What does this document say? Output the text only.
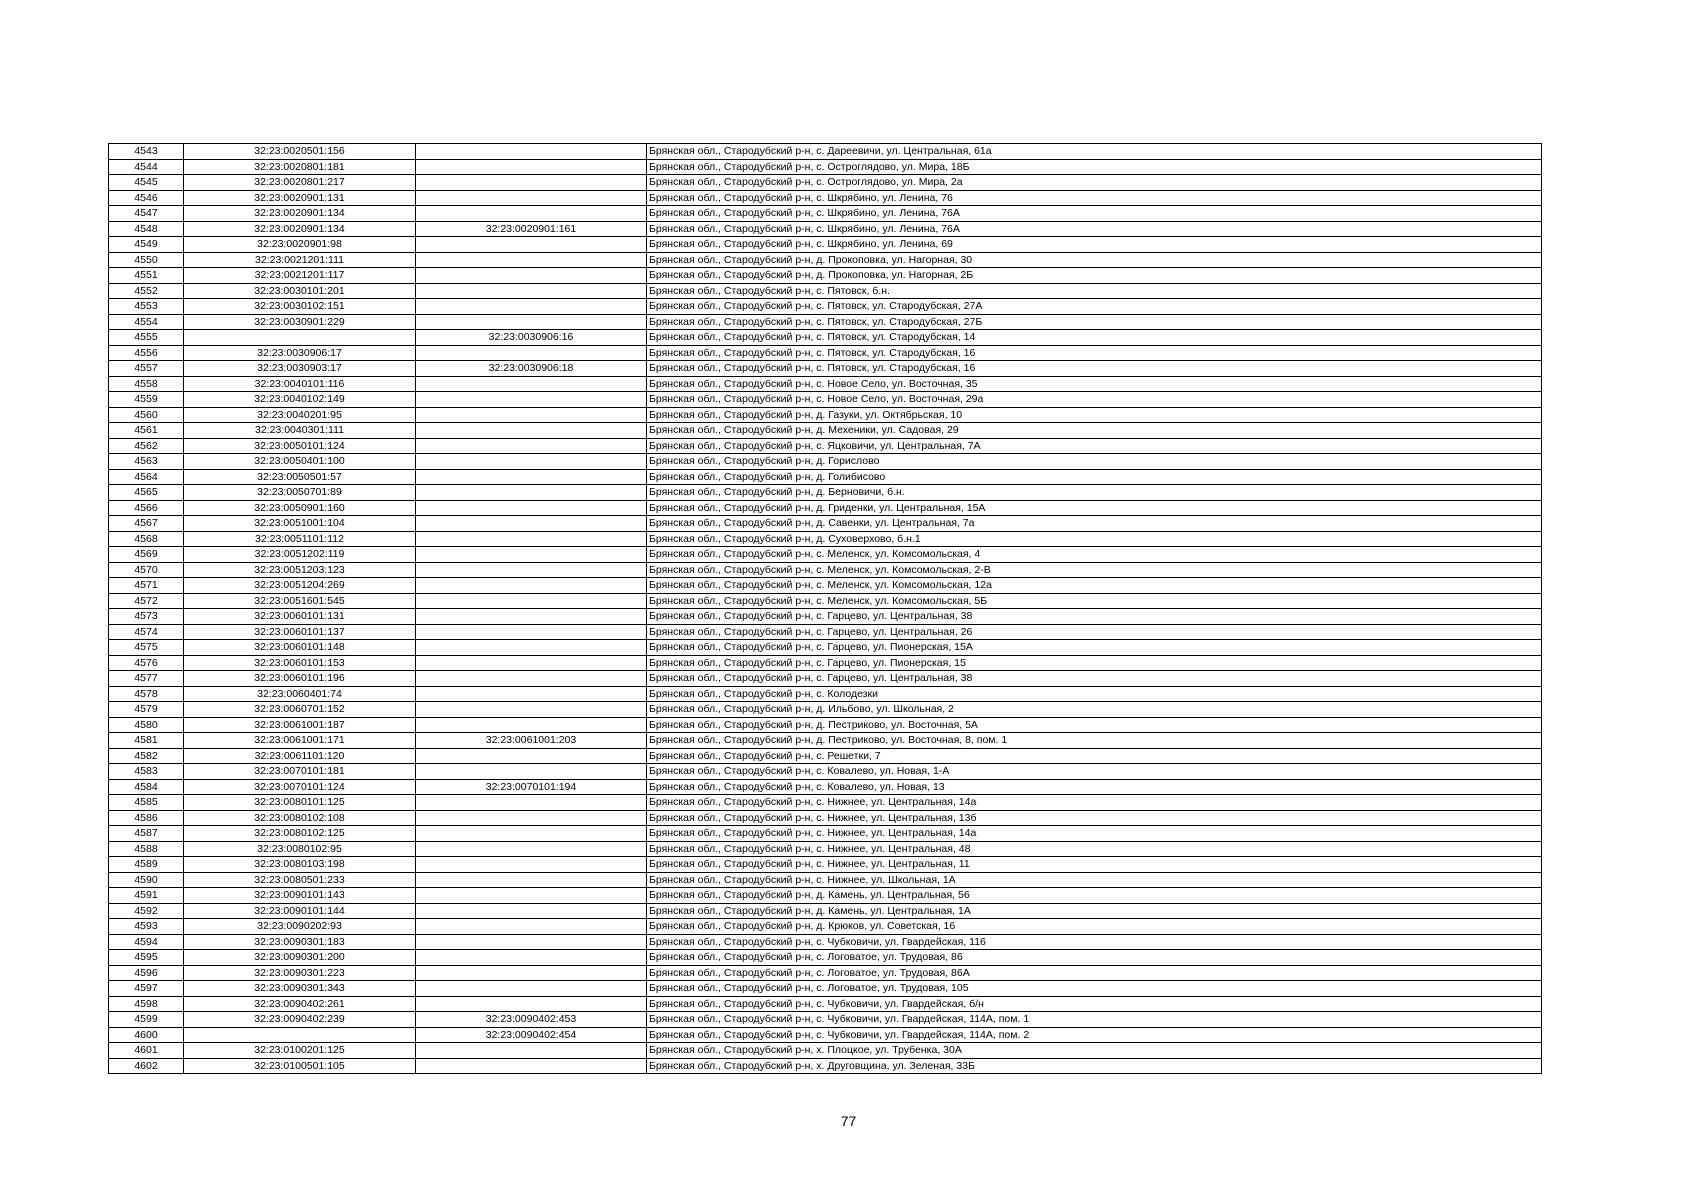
4543	32:23:0020501:156		Брянская обл., Стародубский р-н, с. Дареевичи, ул. Центральная, 61а
4544	32:23:0020801:181		Брянская обл., Стародубский р-н, с. Остроглядово, ул. Мира, 18Б
4545	32:23:0020801:217		Брянская обл., Стародубский р-н, с. Остроглядово, ул. Мира, 2а
4546	32:23:0020901:131		Брянская обл., Стародубский р-н, с. Шкрябино, ул. Ленина, 76
4547	32:23:0020901:134		Брянская обл., Стародубский р-н, с. Шкрябино, ул. Ленина, 76А
4548	32:23:0020901:134	32:23:0020901:161	Брянская обл., Стародубский р-н, с. Шкрябино, ул. Ленина, 76А
4549	32:23:0020901:98		Брянская обл., Стародубский р-н, с. Шкрябино, ул. Ленина, 69
4550	32:23:0021201:111		Брянская обл., Стародубский р-н, д. Прокоповка, ул. Нагорная, 30
4551	32:23:0021201:117		Брянская обл., Стародубский р-н, д. Прокоповка, ул. Нагорная, 2Б
4552	32:23:0030101:201		Брянская обл., Стародубский р-н, с. Пятовск, б.н.
4553	32:23:0030102:151		Брянская обл., Стародубский р-н, с. Пятовск, ул. Стародубская, 27А
4554	32:23:0030901:229		Брянская обл., Стародубский р-н, с. Пятовск, ул. Стародубская, 27Б
4555		32:23:0030906:16	Брянская обл., Стародубский р-н, с. Пятовск, ул. Стародубская, 14
4556	32:23:0030906:17		Брянская обл., Стародубский р-н, с. Пятовск, ул. Стародубская, 16
4557	32:23:0030903:17	32:23:0030906:18	Брянская обл., Стародубский р-н, с. Пятовск, ул. Стародубская, 16
4558	32:23:0040101:116		Брянская обл., Стародубский р-н, с. Новое Село, ул. Восточная, 35
4559	32:23:0040102:149		Брянская обл., Стародубский р-н, с. Новое Село, ул. Восточная, 29а
4560	32:23:0040201:95		Брянская обл., Стародубский р-н, д. Газуки, ул. Октябрьская, 10
4561	32:23:0040301:111		Брянская обл., Стародубский р-н, д. Мехеники, ул. Садовая, 29
4562	32:23:0050101:124		Брянская обл., Стародубский р-н, с. Яцковичи, ул. Центральная, 7А
4563	32:23:0050401:100		Брянская обл., Стародубский р-н, д. Горислово
4564	32:23:0050501:57		Брянская обл., Стародубский р-н, д. Голибисово
4565	32:23:0050701:89		Брянская обл., Стародубский р-н, д. Берновичи, б.н.
4566	32:23:0050901:160		Брянская обл., Стародубский р-н, д. Гриденки, ул. Центральная, 15А
4567	32:23:0051001:104		Брянская обл., Стародубский р-н, д. Савенки, ул. Центральная, 7а
4568	32:23:0051101:112		Брянская обл., Стародубский р-н, д. Суховерхово, б.н.1
4569	32:23:0051202:119		Брянская обл., Стародубский р-н, с. Меленск, ул. Комсомольская, 4
4570	32:23:0051203:123		Брянская обл., Стародубский р-н, с. Меленск, ул. Комсомольская, 2-В
4571	32:23:0051204:269		Брянская обл., Стародубский р-н, с. Меленск, ул. Комсомольская, 12а
4572	32:23:0051601:545		Брянская обл., Стародубский р-н, с. Меленск, ул. Комсомольская, 5Б
4573	32:23:0060101:131		Брянская обл., Стародубский р-н, с. Гарцево, ул. Центральная, 38
4574	32:23:0060101:137		Брянская обл., Стародубский р-н, с. Гарцево, ул. Центральная, 26
4575	32:23:0060101:148		Брянская обл., Стародубский р-н, с. Гарцево, ул. Пионерская, 15А
4576	32:23:0060101:153		Брянская обл., Стародубский р-н, с. Гарцево, ул. Пионерская, 15
4577	32:23:0060101:196		Брянская обл., Стародубский р-н, с. Гарцево, ул. Центральная, 38
4578	32:23:0060401:74		Брянская обл., Стародубский р-н, с. Колодезки
4579	32:23:0060701:152		Брянская обл., Стародубский р-н, д. Ильбово, ул. Школьная, 2
4580	32:23:0061001:187		Брянская обл., Стародубский р-н, д. Пестриково, ул. Восточная, 5А
4581	32:23:0061001:171	32:23:0061001:203	Брянская обл., Стародубский р-н, д. Пестриково, ул. Восточная, 8, пом. 1
4582	32:23:0061101:120		Брянская обл., Стародубский р-н, с. Решетки, 7
4583	32:23:0070101:181		Брянская обл., Стародубский р-н, с. Ковалево, ул. Новая, 1-А
4584	32:23:0070101:124	32:23:0070101:194	Брянская обл., Стародубский р-н, с. Ковалево, ул. Новая, 13
4585	32:23:0080101:125		Брянская обл., Стародубский р-н, с. Нижнее, ул. Центральная, 14а
4586	32:23:0080102:108		Брянская обл., Стародубский р-н, с. Нижнее, ул. Центральная, 13б
4587	32:23:0080102:125		Брянская обл., Стародубский р-н, с. Нижнее, ул. Центральная, 14а
4588	32:23:0080102:95		Брянская обл., Стародубский р-н, с. Нижнее, ул. Центральная, 48
4589	32:23:0080103:198		Брянская обл., Стародубский р-н, с. Нижнее, ул. Центральная, 11
4590	32:23:0080501:233		Брянская обл., Стародубский р-н, с. Нижнее, ул. Школьная, 1А
4591	32:23:0090101:143		Брянская обл., Стародубский р-н, д. Камень, ул. Центральная, 56
4592	32:23:0090101:144		Брянская обл., Стародубский р-н, д. Камень, ул. Центральная, 1А
4593	32:23:0090202:93		Брянская обл., Стародубский р-н, д. Крюков, ул. Советская, 16
4594	32:23:0090301:183		Брянская обл., Стародубский р-н, с. Чубковичи, ул. Гвардейская, 116
4595	32:23:0090301:200		Брянская обл., Стародубский р-н, с. Логоватое, ул. Трудовая, 86
4596	32:23:0090301:223		Брянская обл., Стародубский р-н, с. Логоватое, ул. Трудовая, 86А
4597	32:23:0090301:343		Брянская обл., Стародубский р-н, с. Логоватое, ул. Трудовая, 105
4598	32:23:0090402:261		Брянская обл., Стародубский р-н, с. Чубковичи, ул. Гвардейская, б/н
4599	32:23:0090402:239	32:23:0090402:453	Брянская обл., Стародубский р-н, с. Чубковичи, ул. Гвардейская, 114А, пом. 1
4600		32:23:0090402:454	Брянская обл., Стародубский р-н, с. Чубковичи, ул. Гвардейская, 114А, пом. 2
4601	32:23:0100201:125		Брянская обл., Стародубский р-н, х. Плоцкое, ул. Трубенка, 30А
4602	32:23:0100501:105		Брянская обл., Стародубский р-н, х. Друговщина, ул. Зеленая, 33Б
77
